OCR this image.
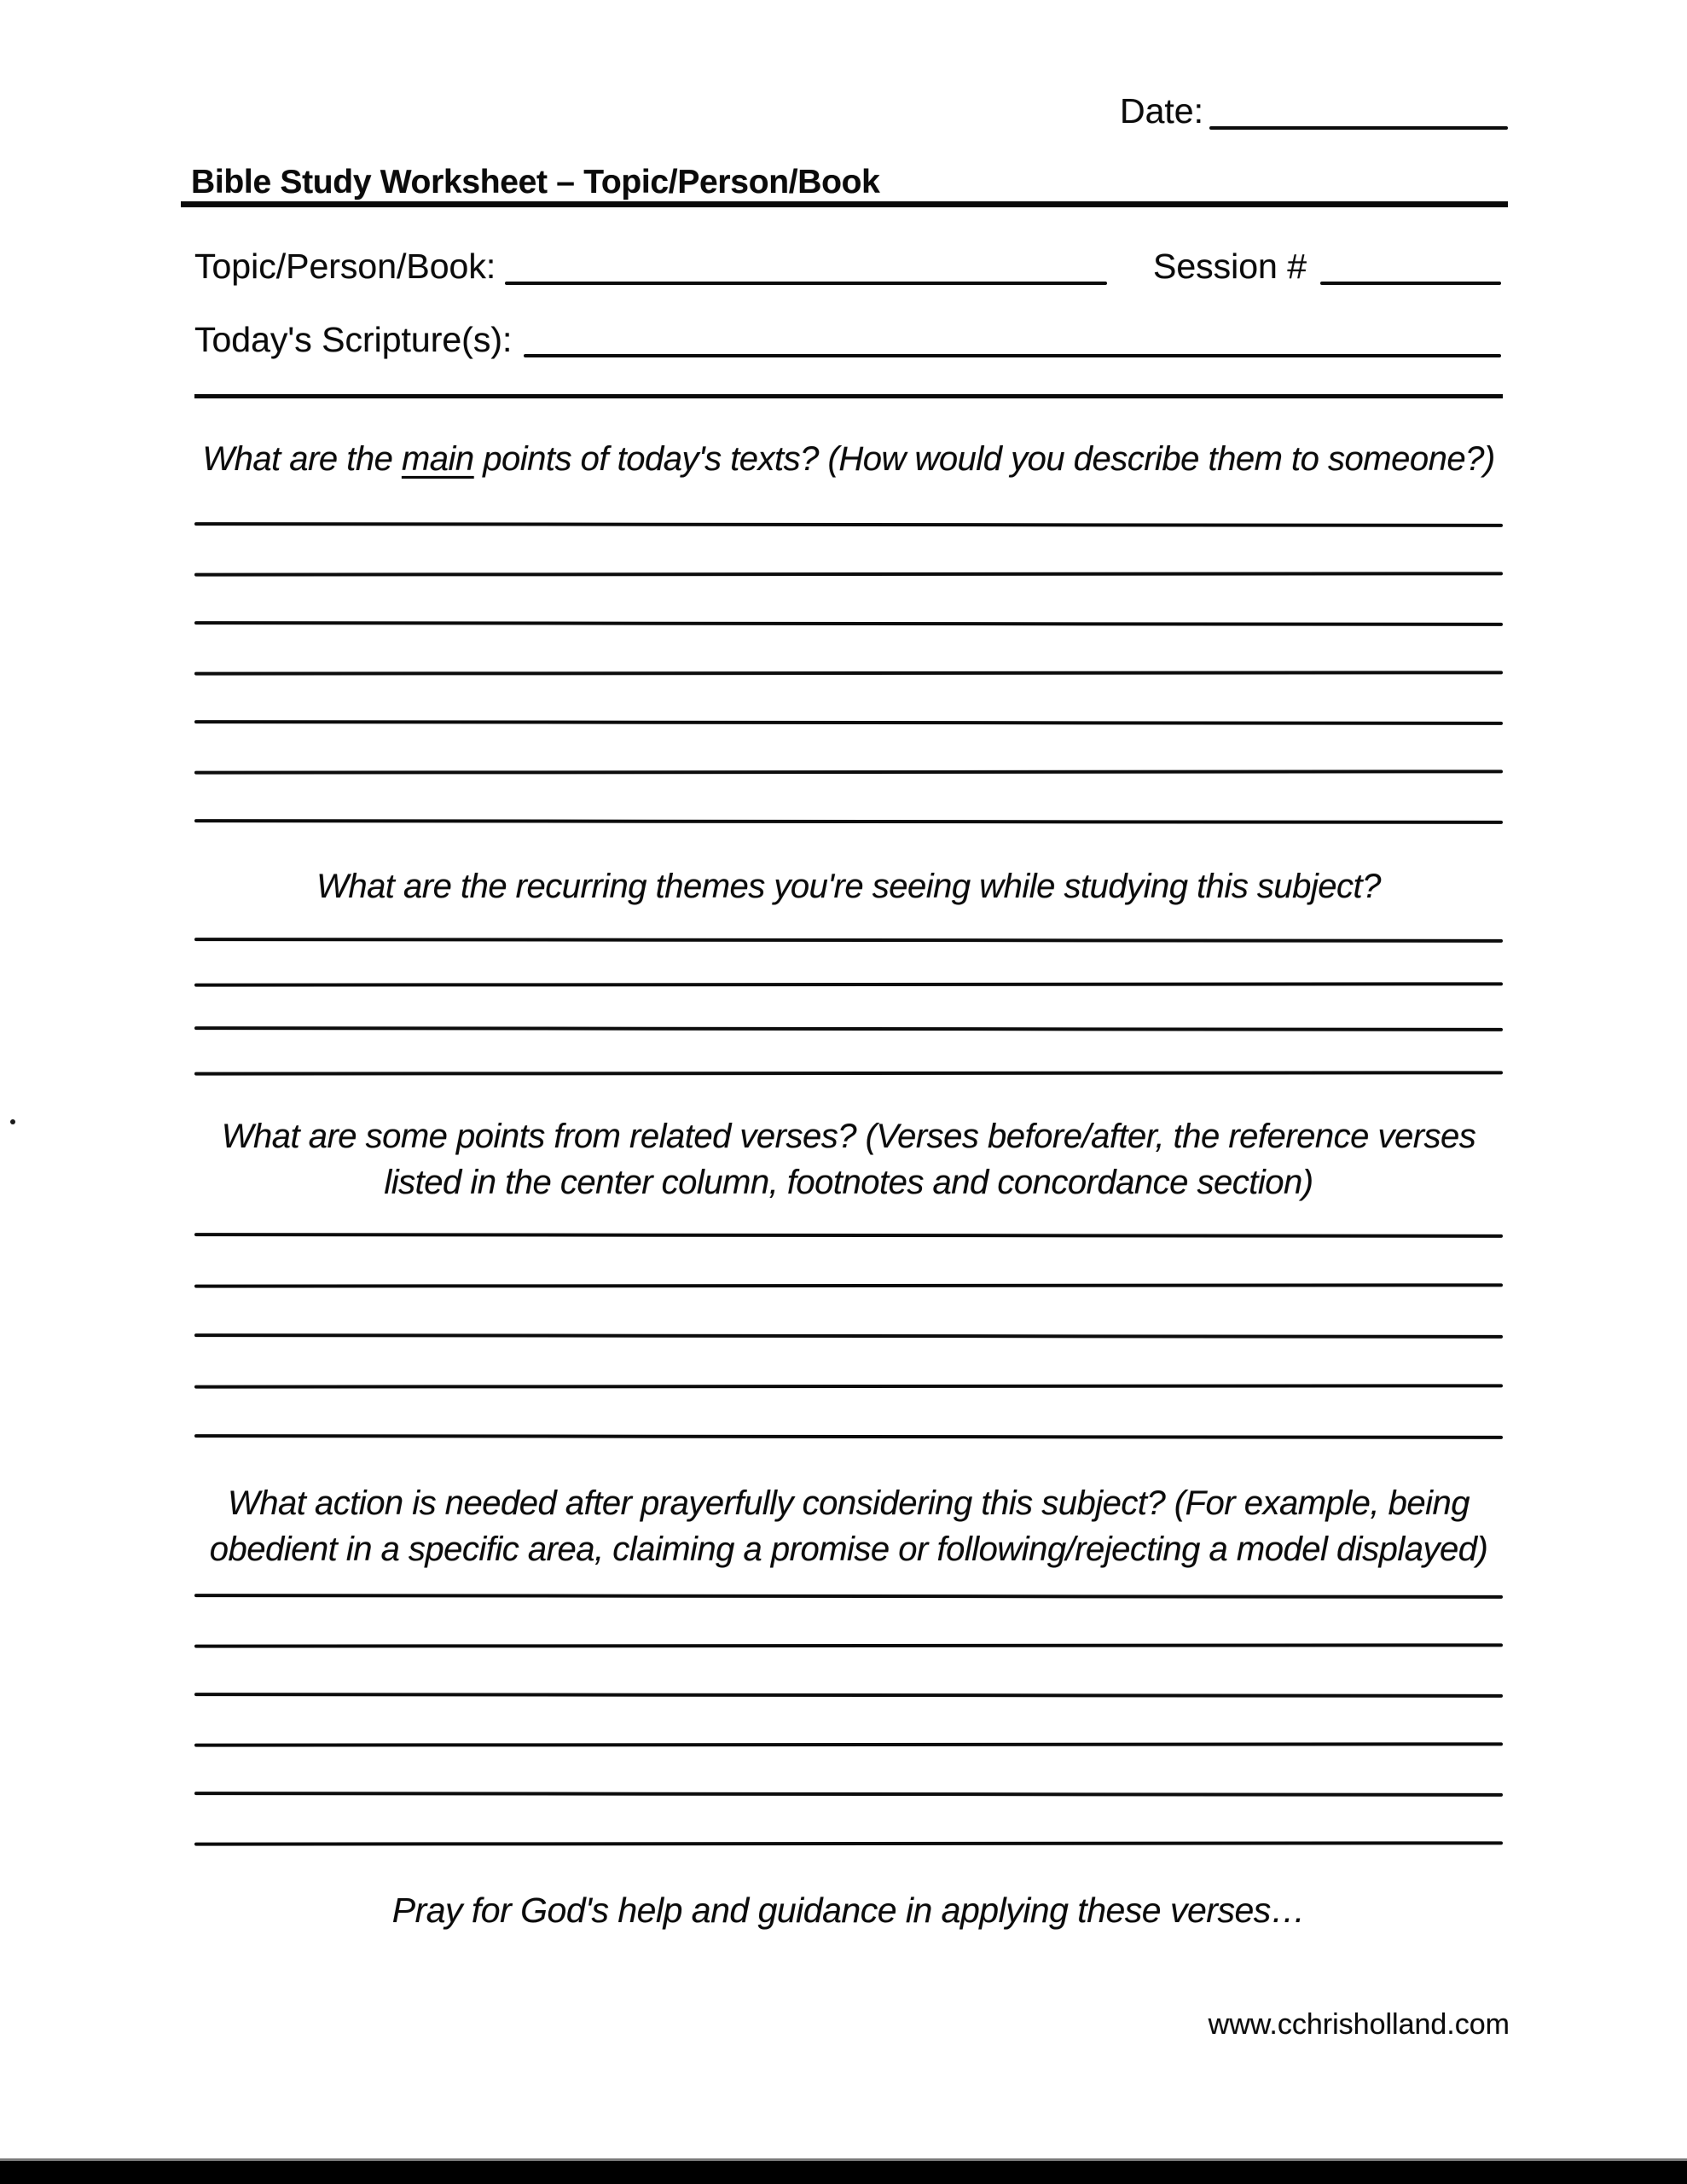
Date:
Bible Study Worksheet – Topic/Person/Book
Topic/Person/Book:	Session #
Today's Scripture(s):
What are the main points of today's texts? (How would you describe them to someone?)
What are the recurring themes you're seeing while studying this subject?
What are some points from related verses? (Verses before/after, the reference verses
listed in the center column, footnotes and concordance section)
What action is needed after prayerfully considering this subject? (For example, being
obedient in a specific area, claiming a promise or following/rejecting a model displayed)
Pray for God's help and guidance in applying these verses…
www.cchrisholland.com
